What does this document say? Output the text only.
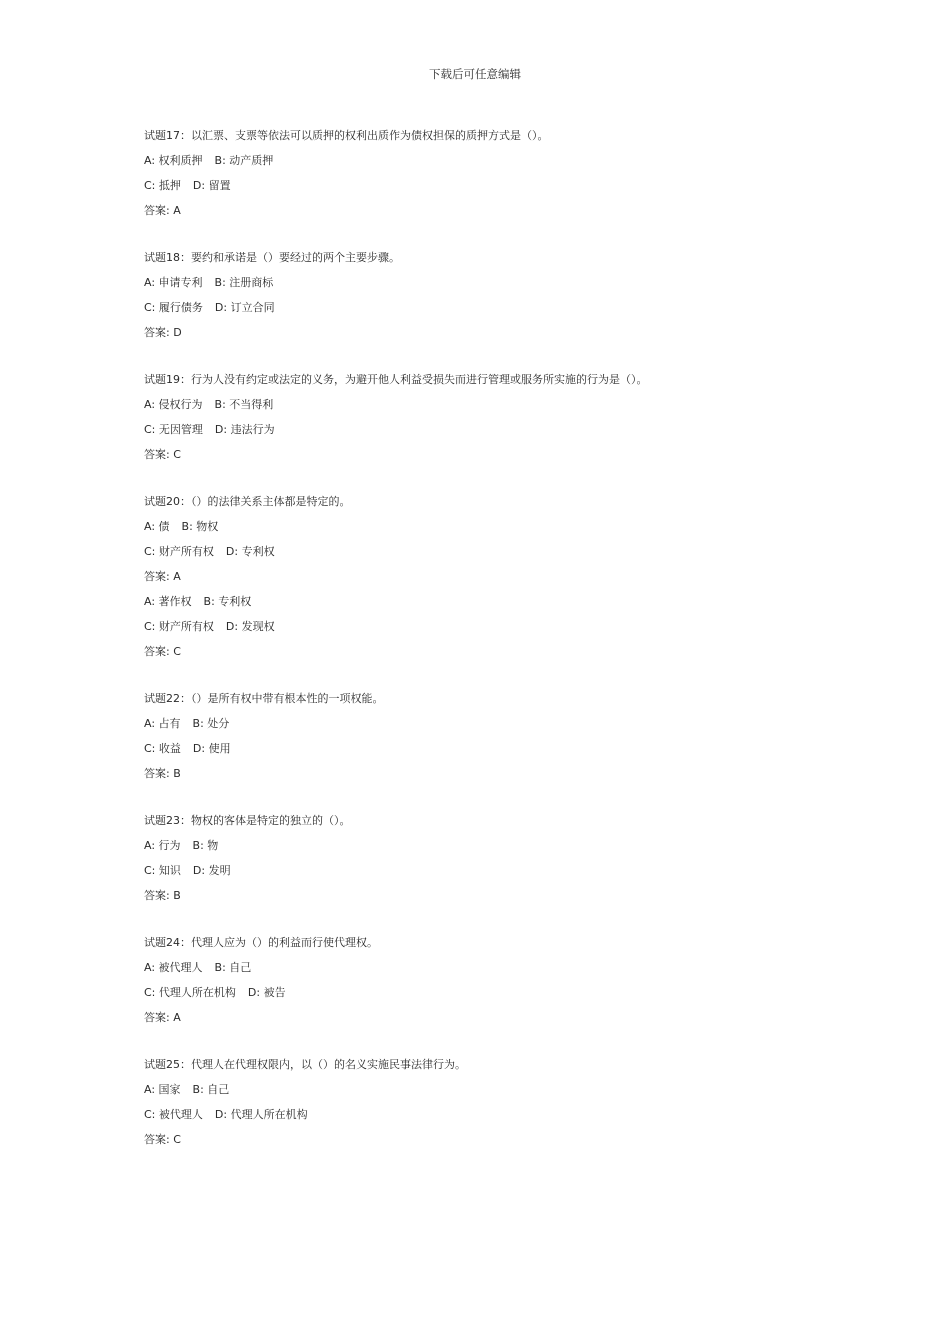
下载后可任意编辑
试题17：以汇票、支票等依法可以质押的权利出质作为债权担保的质押方式是（）。
A: 权利质押 B: 动产质押
C: 抵押 D: 留置
答案: A
试题18：要约和承诺是（）要经过的两个主要步骤。
A: 申请专利 B: 注册商标
C: 履行债务 D: 订立合同
答案: D
试题19：行为人没有约定或法定的义务，为避开他人利益受损失而进行管理或服务所实施的行为是（）。
A: 侵权行为 B: 不当得利
C: 无因管理 D: 违法行为
答案: C
试题20：（）的法律关系主体都是特定的。
A: 债 B: 物权
C: 财产所有权 D: 专利权
答案: A
A: 著作权 B: 专利权
C: 财产所有权 D: 发现权
答案: C
试题22：（）是所有权中带有根本性的一项权能。
A: 占有 B: 处分
C: 收益 D: 使用
答案: B
试题23：物权的客体是特定的独立的（）。
A: 行为 B: 物
C: 知识 D: 发明
答案: B
试题24：代理人应为（）的利益而行使代理权。
A: 被代理人 B: 自己
C: 代理人所在机构 D: 被告
答案: A
试题25：代理人在代理权限内，以（）的名义实施民事法律行为。
A: 国家 B: 自己
C: 被代理人 D: 代理人所在机构
答案: C
